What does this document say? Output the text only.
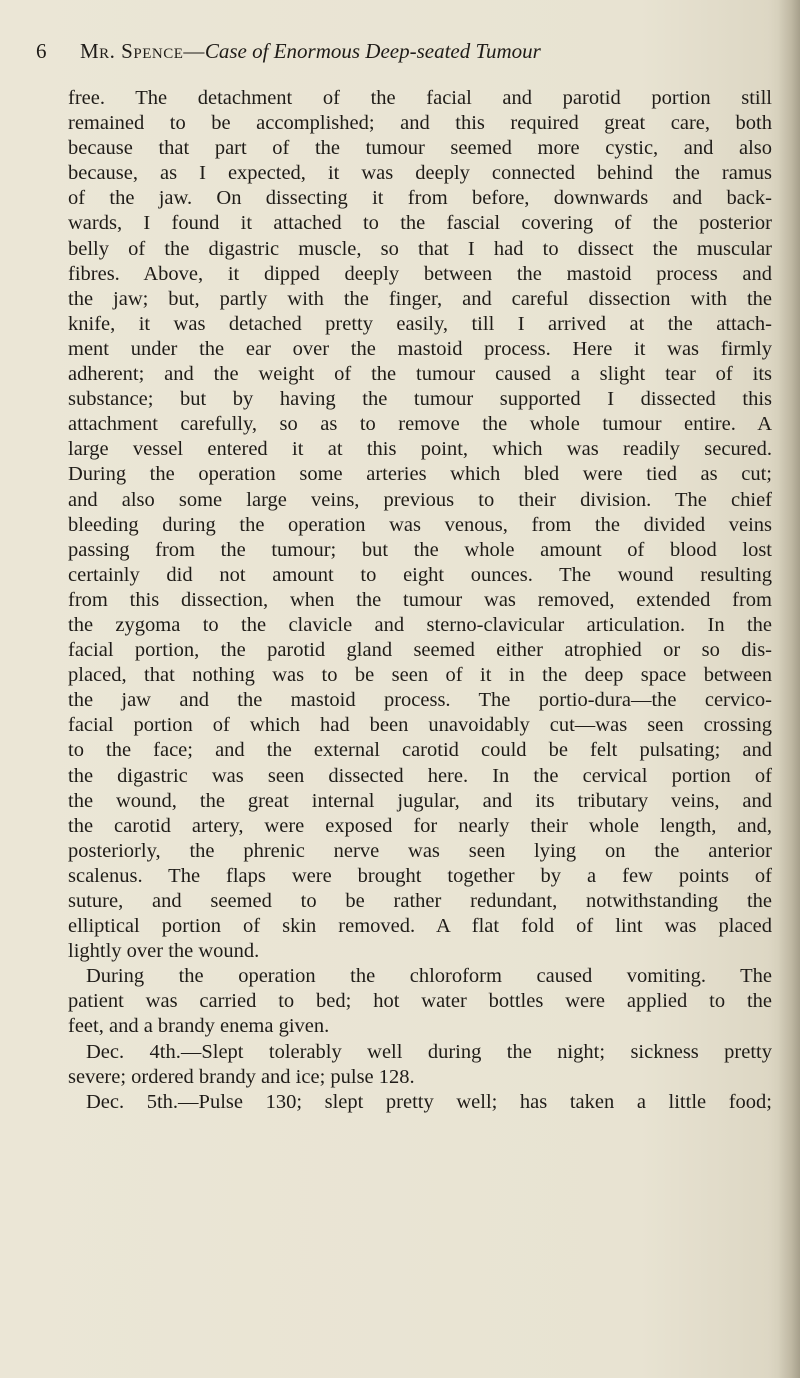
6 Mr. Spence—Case of Enormous Deep-seated Tumour
free. The detachment of the facial and parotid portion still
remained to be accomplished; and this required great care, both
because that part of the tumour seemed more cystic, and also
because, as I expected, it was deeply connected behind the ramus
of the jaw. On dissecting it from before, downwards and back-
wards, I found it attached to the fascial covering of the posterior
belly of the digastric muscle, so that I had to dissect the muscular
fibres. Above, it dipped deeply between the mastoid process and
the jaw; but, partly with the finger, and careful dissection with the
knife, it was detached pretty easily, till I arrived at the attach-
ment under the ear over the mastoid process. Here it was firmly
adherent; and the weight of the tumour caused a slight tear of its
substance; but by having the tumour supported I dissected this
attachment carefully, so as to remove the whole tumour entire. A
large vessel entered it at this point, which was readily secured.
During the operation some arteries which bled were tied as cut;
and also some large veins, previous to their division. The chief
bleeding during the operation was venous, from the divided veins
passing from the tumour; but the whole amount of blood lost
certainly did not amount to eight ounces. The wound resulting
from this dissection, when the tumour was removed, extended from
the zygoma to the clavicle and sterno-clavicular articulation. In the
facial portion, the parotid gland seemed either atrophied or so dis-
placed, that nothing was to be seen of it in the deep space between
the jaw and the mastoid process. The portio-dura—the cervico-
facial portion of which had been unavoidably cut—was seen crossing
to the face; and the external carotid could be felt pulsating; and
the digastric was seen dissected here. In the cervical portion of
the wound, the great internal jugular, and its tributary veins, and
the carotid artery, were exposed for nearly their whole length, and,
posteriorly, the phrenic nerve was seen lying on the anterior
scalenus. The flaps were brought together by a few points of
suture, and seemed to be rather redundant, notwithstanding the
elliptical portion of skin removed. A flat fold of lint was placed
lightly over the wound.
During the operation the chloroform caused vomiting. The
patient was carried to bed; hot water bottles were applied to the
feet, and a brandy enema given.
Dec. 4th.—Slept tolerably well during the night; sickness pretty
severe; ordered brandy and ice; pulse 128.
Dec. 5th.—Pulse 130; slept pretty well; has taken a little food;
